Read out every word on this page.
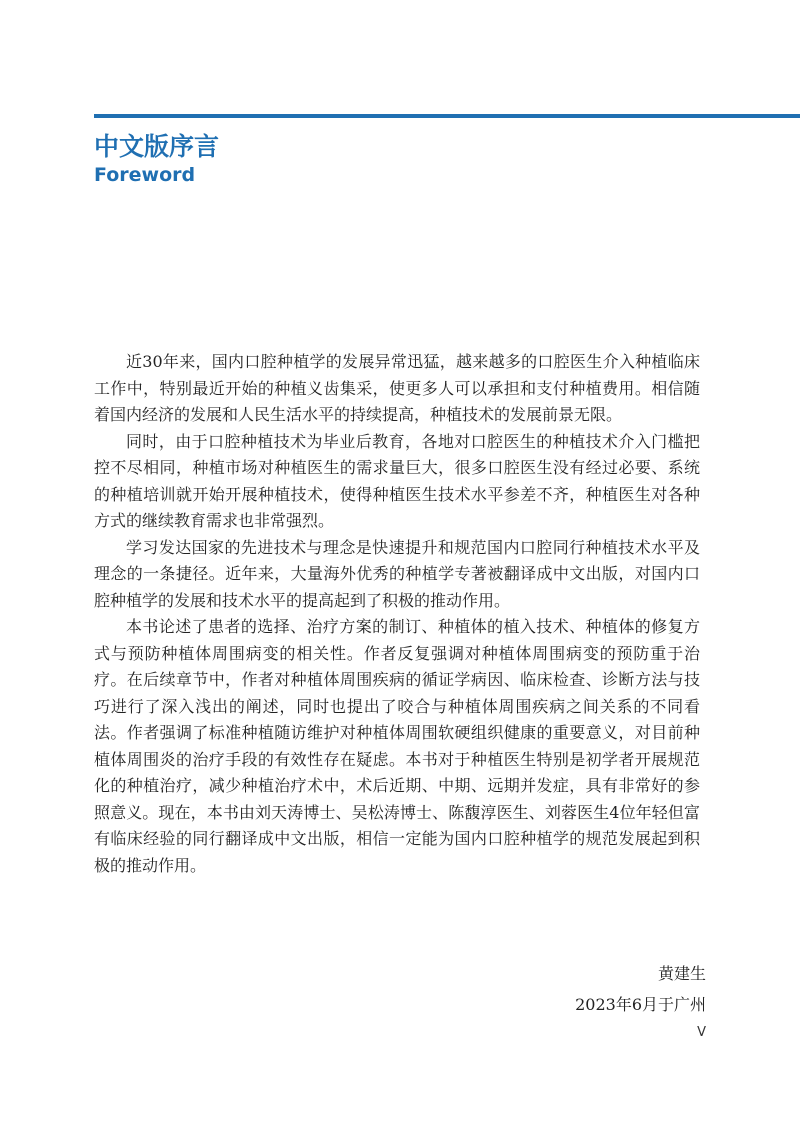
中文版序言
Foreword

近30年来，国内口腔种植学的发展异常迅猛，越来越多的口腔医生介入种植临床工作中，特别最近开始的种植义齿集采，使更多人可以承担和支付种植费用。相信随着国内经济的发展和人民生活水平的持续提高，种植技术的发展前景无限。

同时，由于口腔种植技术为毕业后教育，各地对口腔医生的种植技术介入门槛把控不尽相同，种植市场对种植医生的需求量巨大，很多口腔医生没有经过必要、系统的种植培训就开始开展种植技术，使得种植医生技术水平参差不齐，种植医生对各种方式的继续教育需求也非常强烈。

学习发达国家的先进技术与理念是快速提升和规范国内口腔同行种植技术水平及理念的一条捷径。近年来，大量海外优秀的种植学专著被翻译成中文出版，对国内口腔种植学的发展和技术水平的提高起到了积极的推动作用。

本书论述了患者的选择、治疗方案的制订、种植体的植入技术、种植体的修复方式与预防种植体周围病变的相关性。作者反复强调对种植体周围病变的预防重于治疗。在后续章节中，作者对种植体周围疾病的循证学病因、临床检查、诊断方法与技巧进行了深入浅出的阐述，同时也提出了咬合与种植体周围疾病之间关系的不同看法。作者强调了标准种植随访维护对种植体周围软硬组织健康的重要意义，对目前种植体周围炎的治疗手段的有效性存在疑虑。本书对于种植医生特别是初学者开展规范化的种植治疗，减少种植治疗术中，术后近期、中期、远期并发症，具有非常好的参照意义。现在，本书由刘天涛博士、吴松涛博士、陈馥淳医生、刘蓉医生4位年轻但富有临床经验的同行翻译成中文出版，相信一定能为国内口腔种植学的规范发展起到积极的推动作用。

黄建生
2023年6月于广州
V
